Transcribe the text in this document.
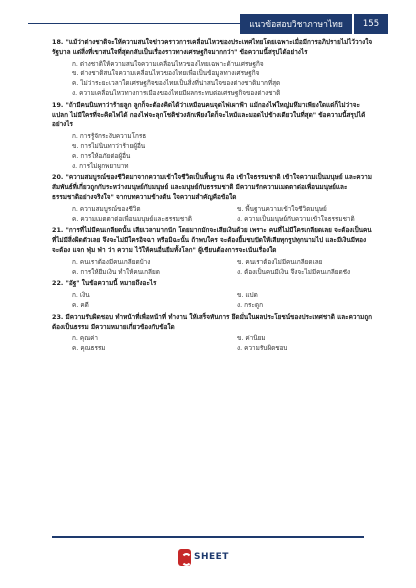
แนวข้อสอบวิชาภาษาไทย	155
18. "แม้ว่าต่างชาติจะให้ความสนใจข่าวคราวการเคลื่อนไหวของประเทศไทยโดยเฉพาะเมื่อมีการอภิปรายไม่ไว้วางใจ รัฐบาล แต่สิ่งที่เขาสนใจที่สุดกลับเป็นเรื่องราวทางเศรษฐกิจมากกว่า" ข้อความนี้สรุปได้อย่างไร
ก. ต่างชาติให้ความสนใจความเคลื่อนไหวของไทยเฉพาะด้านเศรษฐกิจ
ข. ต่างชาติสนใจความเคลื่อนไหวของไทยเพื่อเป็นข้อมูลทางเศรษฐกิจ
ค. ไม่ว่าระยะเวลาใดเศรษฐกิจของไทยเป็นสิ่งที่น่าสนใจของต่างชาติมากที่สุด
ง. ความเคลื่อนไหวทางการเมืองของไทยมีผลกระทบต่อเศรษฐกิจของต่างชาติ
19. "ถ้ามีคนนินทาว่าร้ายลูก ลูกก็จะต้องคิดได้ว่าเหมือนคนจุดไฟเผาฟ้า แม้กองไฟใหญ่มหึมาเพียงใดแต่ก็ไม่ว่าจะแปลก ไม่มีใครที่จะคิดไฟได้ กองไฟจะลุกโชติช่วงลักเพียงใดก็จะไหม้และมอดไปข้างเดียวในที่สุด" ข้อความนี้สรุปได้อย่างไร
ก. การรู้จักระงับความโกรธ
ข. การไม่นินทาว่าร้ายผู้อื่น
ค. การให้อภัยต่อผู้อื่น
ง. การไม่ผูกพยาบาท
20. "ความสมบูรณ์ของชีวิตมาจากความเข้าใจชีวิตเป็นพื้นฐาน คือ เข้าใจธรรมชาติ เข้าใจความเป็นมนุษย์ และความสัมพันธ์ที่เกี่ยวถูกกับระหว่างมนุษย์กับมนุษย์ และมนุษย์กับธรรมชาติ มีความรักความเมตตาต่อเพื่อนมนุษย์และธรรมชาติอย่างจริงใจ" จากบทความข้างต้น ใจความสำคัญคือข้อใด
ก. ความสมบูรณ์ของชีวิต	ข. พื้นฐานความเข้าใจชีวิตมนุษย์
ค. ความเมตตาต่อเพื่อนมนุษย์และธรรมชาติ	ง. ความเป็นมนุษย์กับความเข้าใจธรรมชาติ
21. "การที่ไม่มีคนเกลียดนั้น เสียเวลามากนัก โดยมากมักจะเสียเงินด้วย เพราะ คนที่ไม่มีใครเกลียดเลย จะต้องเป็นคนที่ไม่มีสิ่งผิดตัวเลย จึงจะไม่มีใครอิจฉา หรือมิฉะนั้น ถ้าพบใคร จะต้องยิ้มชบปัดให้เสียทุกรูปทุกนามไป และมีเงินมีทอง จะต้อง แจก ฟุ่ม ฟ่า ว่า ความ ไว้ให้คนอื่นยืมทั้งโลก" ผู้เขียนต้องการจะเน้นเรื่องใด
ก. คนเราต้องมีคนเกลียดบ้าง	ข. คนเราต้องไม่มีคนเกลียดเลย
ค. การให้ยืมเงิน ทำให้คนเกลียด	ง. ต้องเป็นคนมีเงิน จึงจะไม่มีคนเกลียดชัง
22. "อัฐ" ในข้อความนี้ หมายถึงอะไร
ก. เงิน	ข. แปด
ค. คดี	ง. กระดูก
23. มีความรับผิดชอบ ทำหน้าที่เพื่อหน้าที่ ทำงาน ให้เสร็จทันการ ยึดมั่นในผลประโยชน์ของประเทศชาติ และความถูกต้องเป็นธรรม มีความหมายเกี่ยวข้องกับข้อใด
ก. คุณค่า	ข. ค่านิยม
ค. คุณธรรม	ง. ความรับผิดชอบ
SHEET
